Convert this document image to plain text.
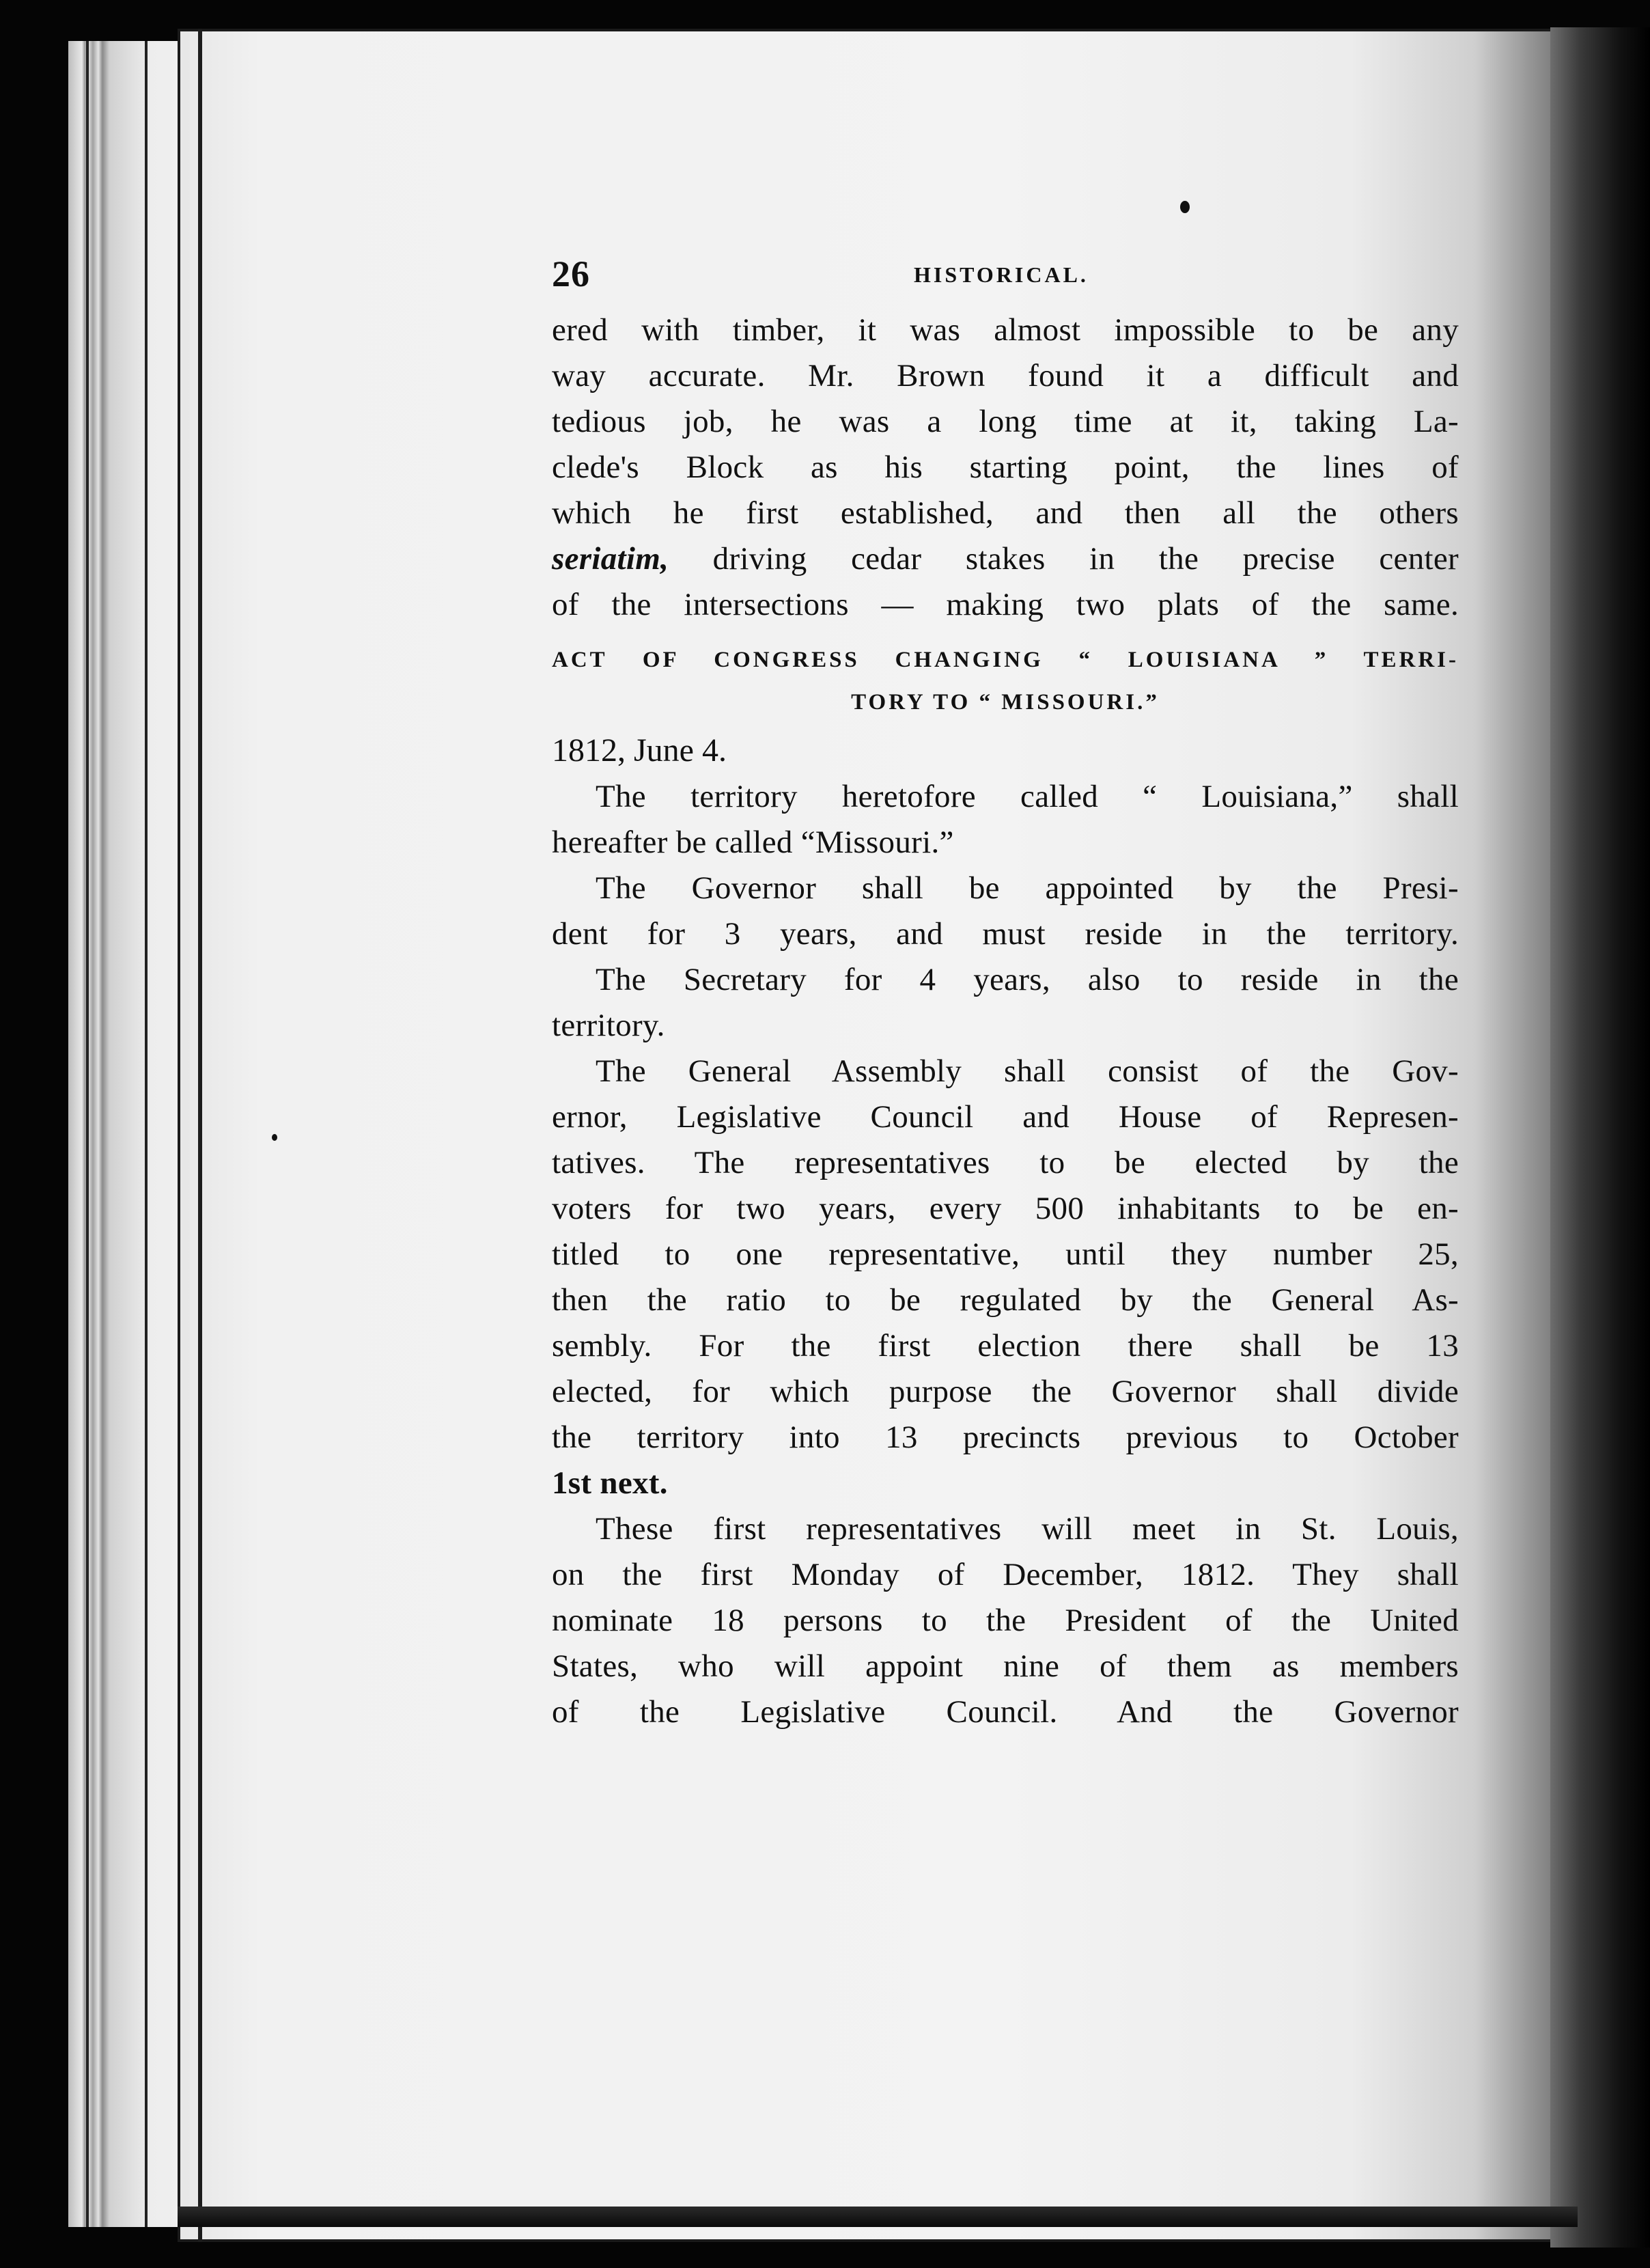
26	HISTORICAL.

ered with timber, it was almost impossible to be any
way accurate. Mr. Brown found it a difficult and
tedious job, he was a long time at it, taking La-
clede's Block as his starting point, the lines of
which he first established, and then all the others
seriatim, driving cedar stakes in the precise center
of the intersections — making two plats of the same.

ACT OF CONGRESS CHANGING “ LOUISIANA ” TERRI-
TORY TO “ MISSOURI.”

1812, June 4.

The territory heretofore called “ Louisiana,” shall
hereafter be called “Missouri.”

The Governor shall be appointed by the Presi-
dent for 3 years, and must reside in the territory.

The Secretary for 4 years, also to reside in the
territory.

The General Assembly shall consist of the Gov-
ernor, Legislative Council and House of Represen-
tatives. The representatives to be elected by the
voters for two years, every 500 inhabitants to be en-
titled to one representative, until they number 25,
then the ratio to be regulated by the General As-
sembly. For the first election there shall be 13
elected, for which purpose the Governor shall divide
the territory into 13 precincts previous to October
1st next.

These first representatives will meet in St. Louis,
on the first Monday of December, 1812. They shall
nominate 18 persons to the President of the United
States, who will appoint nine of them as members
of the Legislative Council. And the Governor
